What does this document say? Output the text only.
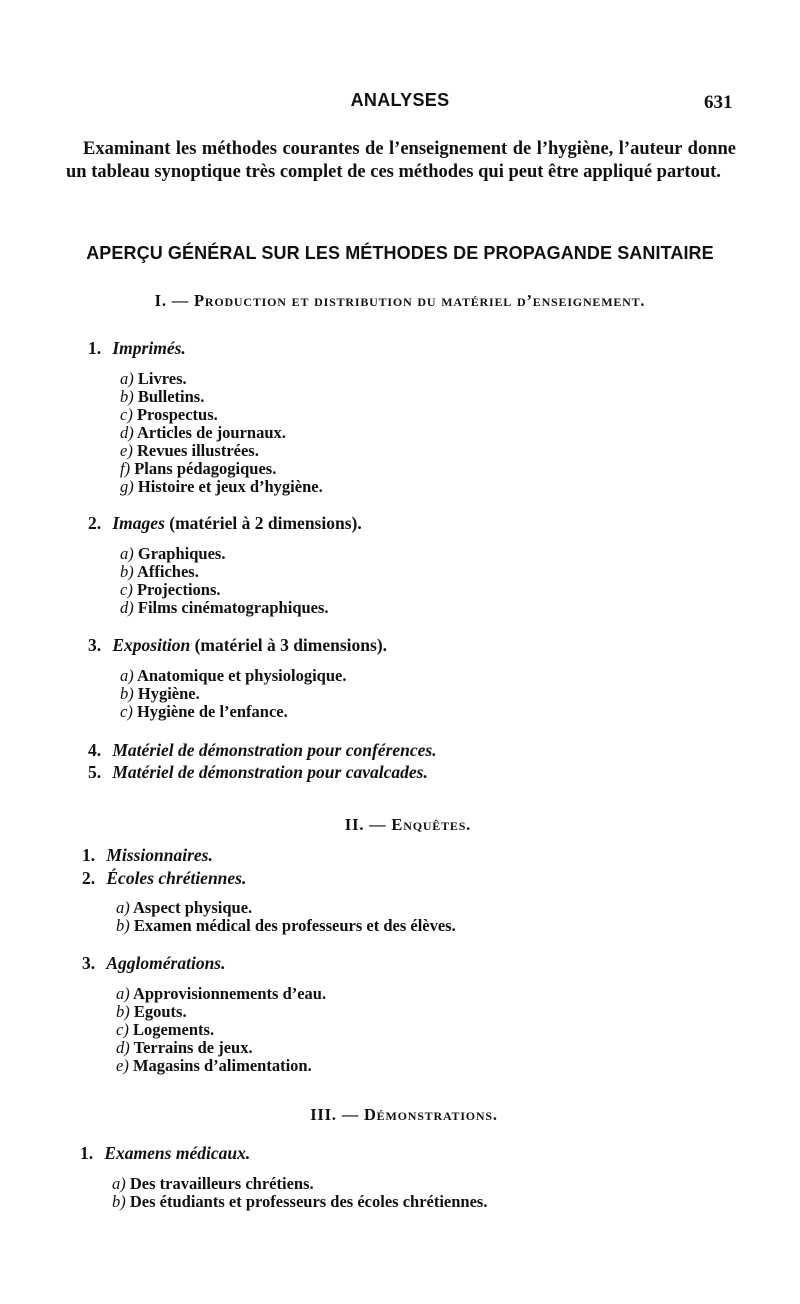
ANALYSES	631
Examinant les méthodes courantes de l’enseignement de l’hygiène, l’auteur donne un tableau synoptique très complet de ces méthodes qui peut être appliqué partout.
APERÇU GÉNÉRAL SUR LES MÉTHODES DE PROPAGANDE SANITAIRE
I. — Production et distribution du matériel d’enseignement.
1. Imprimés.
a) Livres.
b) Bulletins.
c) Prospectus.
d) Articles de journaux.
e) Revues illustrées.
f) Plans pédagogiques.
g) Histoire et jeux d’hygiène.
2. Images (matériel à 2 dimensions).
a) Graphiques.
b) Affiches.
c) Projections.
d) Films cinématographiques.
3. Exposition (matériel à 3 dimensions).
a) Anatomique et physiologique.
b) Hygiène.
c) Hygiène de l’enfance.
4. Matériel de démonstration pour conférences.
5. Matériel de démonstration pour cavalcades.
II. — Enquêtes.
1. Missionnaires.
2. Écoles chrétiennes.
a) Aspect physique.
b) Examen médical des professeurs et des élèves.
3. Agglomérations.
a) Approvisionnements d’eau.
b) Egouts.
c) Logements.
d) Terrains de jeux.
e) Magasins d’alimentation.
III. — Démonstrations.
1. Examens médicaux.
a) Des travailleurs chrétiens.
b) Des étudiants et professeurs des écoles chrétiennes.
